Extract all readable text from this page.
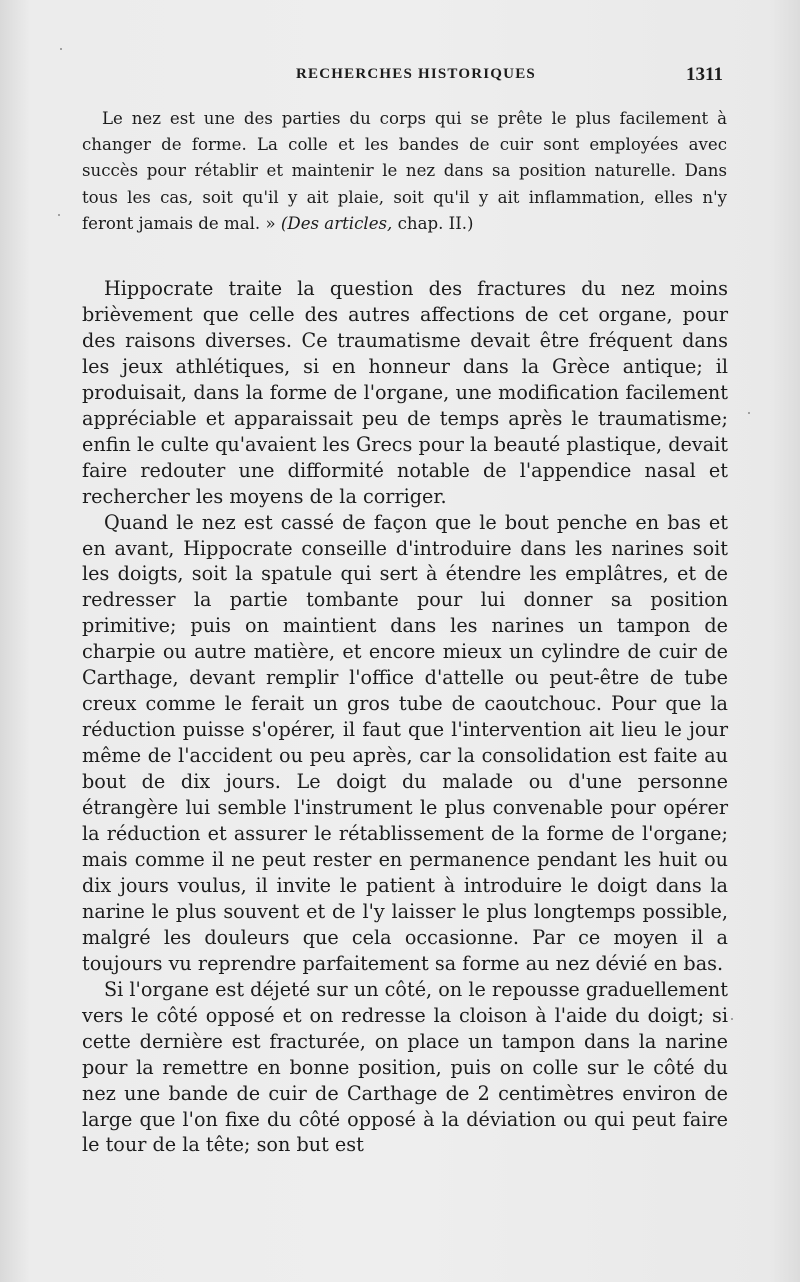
RECHERCHES HISTORIQUES	1311

Le nez est une des parties du corps qui se prête le plus facilement à changer de forme. La colle et les bandes de cuir sont employées avec succès pour rétablir et maintenir le nez dans sa position naturelle. Dans tous les cas, soit qu'il y ait plaie, soit qu'il y ait inflammation, elles n'y feront jamais de mal. » (Des articles, chap. II.)

Hippocrate traite la question des fractures du nez moins brièvement que celle des autres affections de cet organe, pour des raisons diverses. Ce traumatisme devait être fréquent dans les jeux athlétiques, si en honneur dans la Grèce antique; il produisait, dans la forme de l'organe, une modification facilement appréciable et apparaissait peu de temps après le traumatisme; enfin le culte qu'avaient les Grecs pour la beauté plastique, devait faire redouter une difformité notable de l'appendice nasal et rechercher les moyens de la corriger.

Quand le nez est cassé de façon que le bout penche en bas et en avant, Hippocrate conseille d'introduire dans les narines soit les doigts, soit la spatule qui sert à étendre les emplâtres, et de redresser la partie tombante pour lui donner sa position primitive; puis on maintient dans les narines un tampon de charpie ou autre matière, et encore mieux un cylindre de cuir de Carthage, devant remplir l'office d'attelle ou peut-être de tube creux comme le ferait un gros tube de caoutchouc. Pour que la réduction puisse s'opérer, il faut que l'intervention ait lieu le jour même de l'accident ou peu après, car la consolidation est faite au bout de dix jours. Le doigt du malade ou d'une personne étrangère lui semble l'instrument le plus convenable pour opérer la réduction et assurer le rétablissement de la forme de l'organe; mais comme il ne peut rester en permanence pendant les huit ou dix jours voulus, il invite le patient à introduire le doigt dans la narine le plus souvent et de l'y laisser le plus longtemps possible, malgré les douleurs que cela occasionne. Par ce moyen il a toujours vu reprendre parfaitement sa forme au nez dévié en bas.

Si l'organe est déjeté sur un côté, on le repousse graduellement vers le côté opposé et on redresse la cloison à l'aide du doigt; si cette dernière est fracturée, on place un tampon dans la narine pour la remettre en bonne position, puis on colle sur le côté du nez une bande de cuir de Carthage de 2 centimètres environ de large que l'on fixe du côté opposé à la déviation ou qui peut faire le tour de la tête; son but est
